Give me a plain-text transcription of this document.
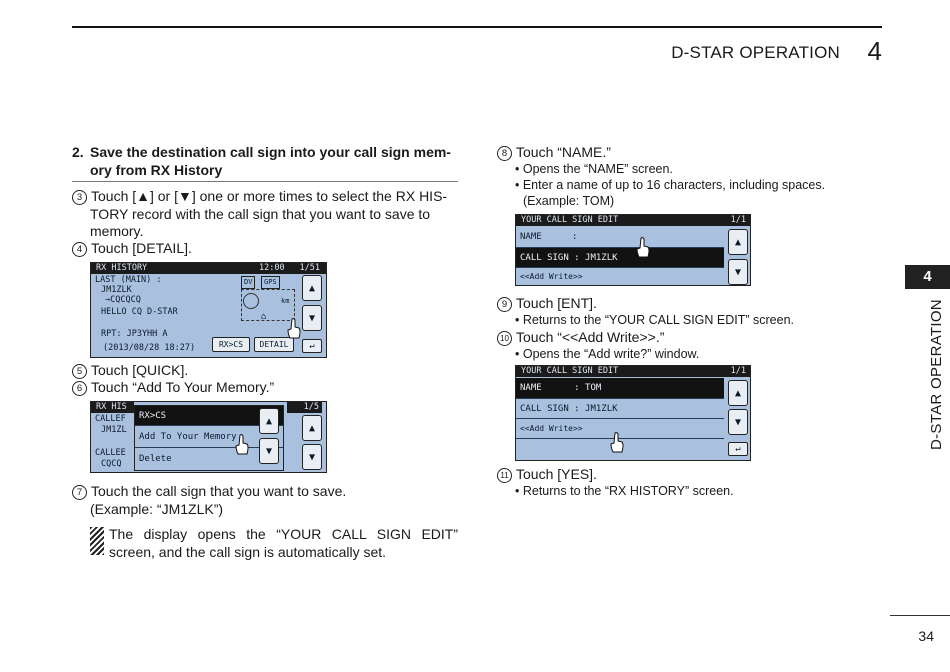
D-STAR OPERATION 4
4
D-STAR OPERATION
2. Save the destination call sign into your call sign mem-
ory from RX History
3 Touch [▲] or [▼] one or more times to select the RX HIS-
TORY record with the call sign that you want to save to
memory.
4 Touch [DETAIL].
RX HISTORY	1/51
12:00
DV	GPS
LAST (MAIN) :
JM1ZLK
→CQCQCQ
HELLO CQ D-STAR
RPT: JP3YHH A
(2013/08/28 18:27)
km
⌂
RX>CS	DETAIL
▲
▼
↵
5 Touch [QUICK].
6 Touch “Add To Your Memory.”
RX HIS
CALLEF
JM1ZL
CALLEE
CQCQ
RX>CS
Add To Your Memory
Delete
▲
▼
1/5
▲
▼
7 Touch the call sign that you want to save.
(Example: “JM1ZLK”)
The display opens the “YOUR CALL SIGN EDIT”
screen, and the call sign is automatically set.
8 Touch “NAME.”
• Opens the “NAME” screen.
• Enter a name of up to 16 characters, including spaces.
(Example: TOM)
YOUR CALL SIGN EDIT	1/1
NAME	:
CALL SIGN : JM1ZLK
<<Add Write>>
▲
▼
9 Touch [ENT].
• Returns to the “YOUR CALL SIGN EDIT” screen.
10 Touch “<<Add Write>>.”
• Opens the “Add write?” window.
YOUR CALL SIGN EDIT	1/1
NAME      : TOM
CALL SIGN : JM1ZLK
<<Add Write>>
▲
▼
↵
11 Touch [YES].
• Returns to the “RX HISTORY” screen.
34
